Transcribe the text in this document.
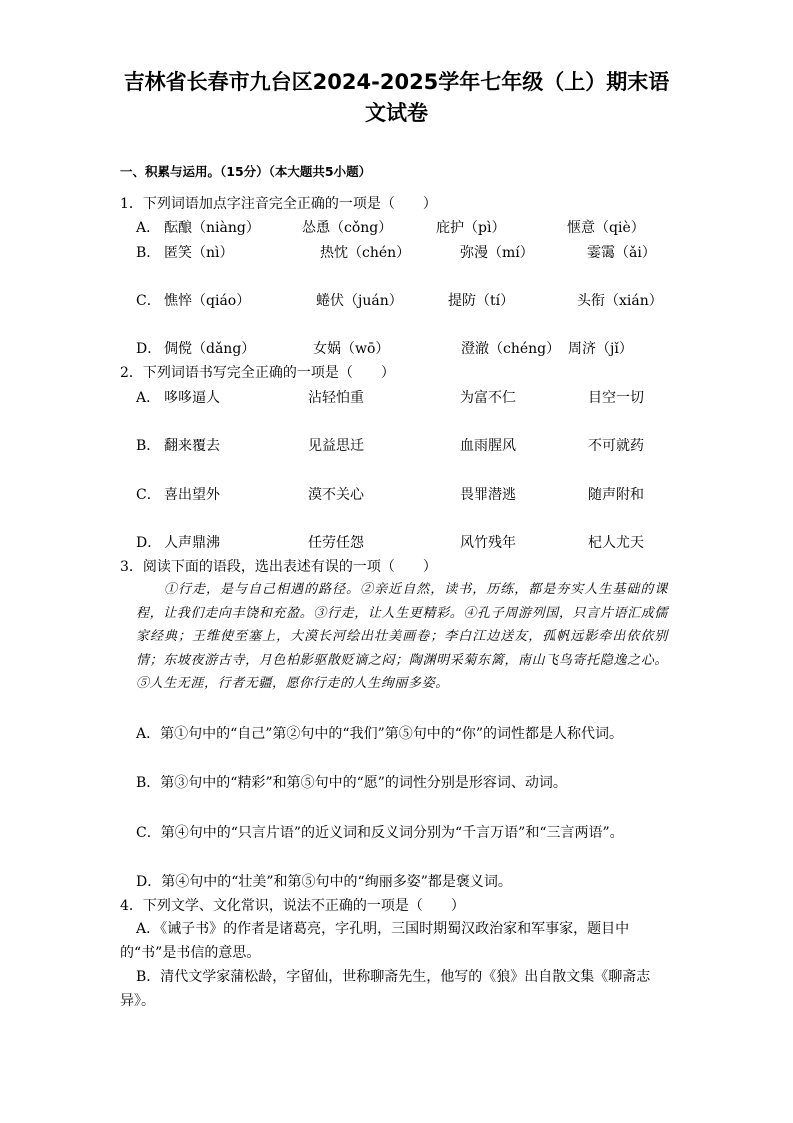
吉林省长春市九台区2024-2025学年七年级（上）期末语
文试卷
一、积累与运用。（15分）（本大题共5小题）
1．下列词语加点字注音完全正确的一项是（　　）
A． 酝酿（niàng）	怂恿（cǒng）	庇护（pì）	惬意（qiè）
B． 匿笑（nì）	热忱（chén）	弥漫（mí）	霎霭（ǎi）
C． 憔悴（qiáo）	蜷伏（juán）	提防（tí）	头衔（xián）
D． 倜傥（dǎng）	女娲（wō）	澄澈（chéng） 周济（jǐ）
2．下列词语书写完全正确的一项是（　　）
A． 哆哆逼人	沾轻怕重	为富不仁	目空一切
B． 翻来覆去	见益思迁	血雨腥风	不可就药
C． 喜出望外	漠不关心	畏罪潜逃	随声附和
D． 人声鼎沸	任劳任怨	风竹残年	杞人尤天
3．阅读下面的语段，选出表述有误的一项（　　）
①行走，是与自己相遇的路径。②亲近自然，读书，历练，都是夯实人生基础的课程，让我们走向丰饶和充盈。③行走，让人生更精彩。④孔子周游列国，只言片语汇成儒家经典；王维使至塞上，大漠长河绘出壮美画卷；李白江边送友，孤帆远影牵出依依别情；东坡夜游古寺，月色柏影驱散贬谪之闷；陶渊明采菊东篱，南山飞鸟寄托隐逸之心。⑤人生无涯，行者无疆，愿你行走的人生绚丽多姿。
A．第①句中的“自己”第②句中的“我们”第⑤句中的“你”的词性都是人称代词。
B．第③句中的“精彩”和第⑤句中的“愿”的词性分别是形容词、动词。
C．第④句中的“只言片语”的近义词和反义词分别为“千言万语”和“三言两语”。
D．第④句中的“壮美”和第⑤句中的“绚丽多姿”都是褒义词。
4．下列文学、文化常识，说法不正确的一项是（　　）
A．《诫子书》的作者是诸葛亮，字孔明，三国时期蜀汉政治家和军事家，题目中的“书”是书信的意思。
B．清代文学家蒲松龄，字留仙，世称聊斋先生，他写的《狼》出自散文集《聊斋志异》。
